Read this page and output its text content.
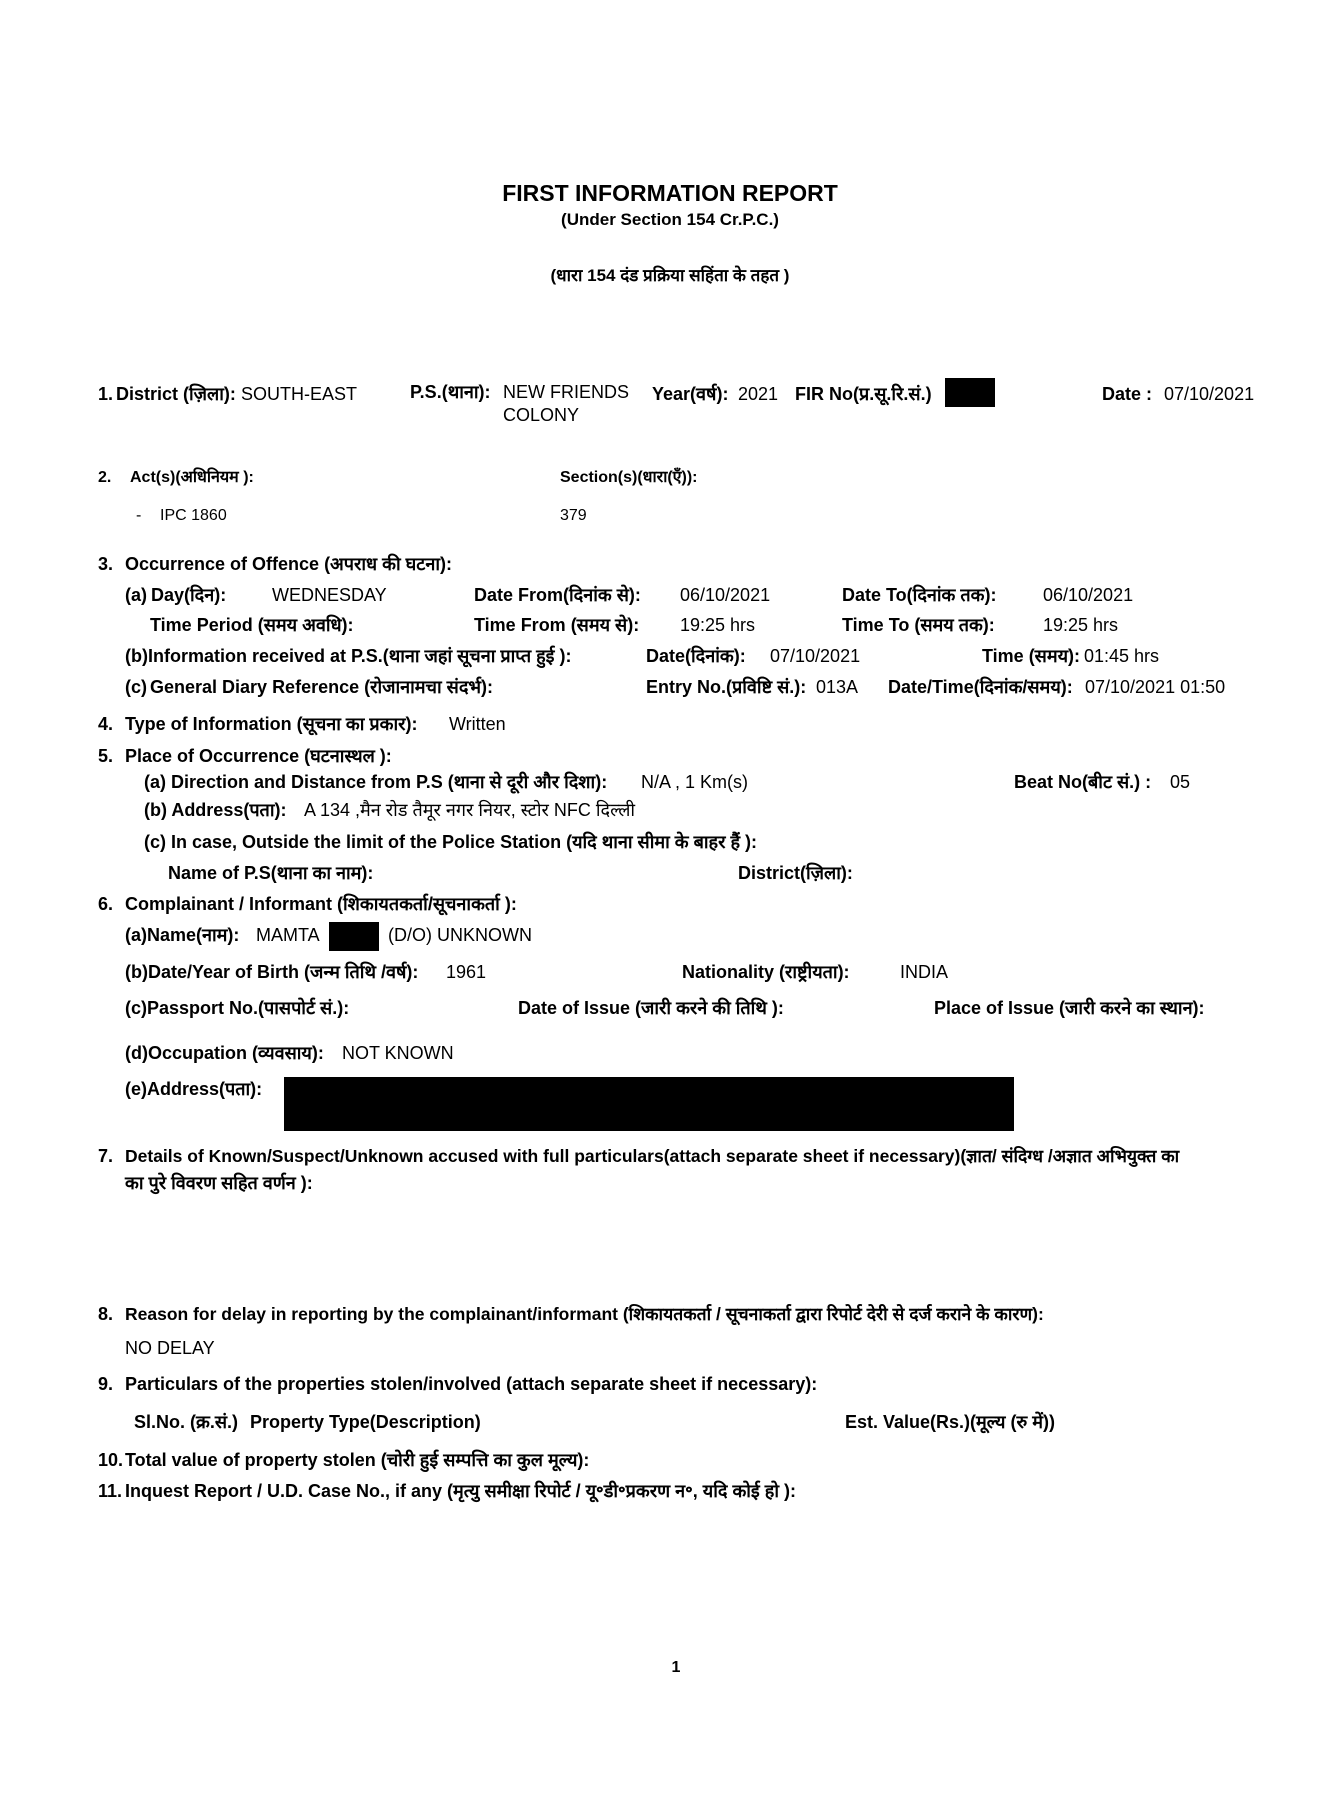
FIRST INFORMATION REPORT
(Under Section 154 Cr.P.C.)
(धारा 154 दंड प्रक्रिया सहिंता के तहत )
1. District (ज़िला): SOUTH-EAST	P.S.(थाना): NEW FRIENDS
COLONY
Year(वर्ष): 2021 FIR No(प्र.सू.रि.सं.)	Date : 07/10/2021
2. Act(s)(अधिनियम ):	Section(s)(धारा(एँ)):
- IPC 1860	379
3. Occurrence of Offence (अपराध की घटना):
(a) Day(दिन):	WEDNESDAY	Date From(दिनांक से): 06/10/2021	Date To(दिनांक तक):	06/10/2021
Time Period (समय अवधि):	Time From (समय से): 19:25 hrs	Time To (समय तक):	19:25 hrs
(b)Information received at P.S.(थाना जहां सूचना प्राप्त हुई ):	Date(दिनांक): 07/10/2021	Time (समय): 01:45 hrs
(c) General Diary Reference (रोजानामचा संदर्भ):	Entry No.(प्रविष्टि सं.): 013A Date/Time(दिनांक/समय): 07/10/2021 01:50
4. Type of Information (सूचना का प्रकार): Written
5. Place of Occurrence (घटनास्थल ):
(a) Direction and Distance from P.S (थाना से दूरी और दिशा): N/A , 1 Km(s)	Beat No(बीट सं.) : 05
(b) Address(पता): A 134 ,मैन रोड तैमूर नगर नियर, स्टोर NFC दिल्ली
(c) In case, Outside the limit of the Police Station (यदि थाना सीमा के बाहर हैं ):
Name of P.S(थाना का नाम):	District(ज़िला):
6. Complainant / Informant (शिकायतकर्ता/सूचनाकर्ता ):
(a)Name(नाम): MAMTA	(D/O) UNKNOWN
(b)Date/Year of Birth (जन्म तिथि /वर्ष): 1961	Nationality (राष्ट्रीयता):	INDIA
(c)Passport No.(पासपोर्ट सं.):	Date of Issue (जारी करने की तिथि ):	Place of Issue (जारी करने का स्थान):
(d)Occupation (व्यवसाय): NOT KNOWN
(e)Address(पता):
7. Details of Known/Suspect/Unknown accused with full particulars(attach separate sheet if necessary)(ज्ञात/ संदिग्ध /अज्ञात अभियुक्त का
का पुरे विवरण सहित वर्णन ):
8. Reason for delay in reporting by the complainant/informant (शिकायतकर्ता / सूचनाकर्ता द्वारा रिपोर्ट देरी से दर्ज कराने के कारण):
NO DELAY
9. Particulars of the properties stolen/involved (attach separate sheet if necessary):
Sl.No. (क्र.सं.) Property Type(Description)	Est. Value(Rs.)(मूल्य (रु में))
10. Total value of property stolen (चोरी हुई सम्पत्ति का कुल मूल्य):
11. Inquest Report / U.D. Case No., if any (मृत्यु समीक्षा रिपोर्ट / यू॰डी॰प्रकरण न॰, यदि कोई हो ):
1
